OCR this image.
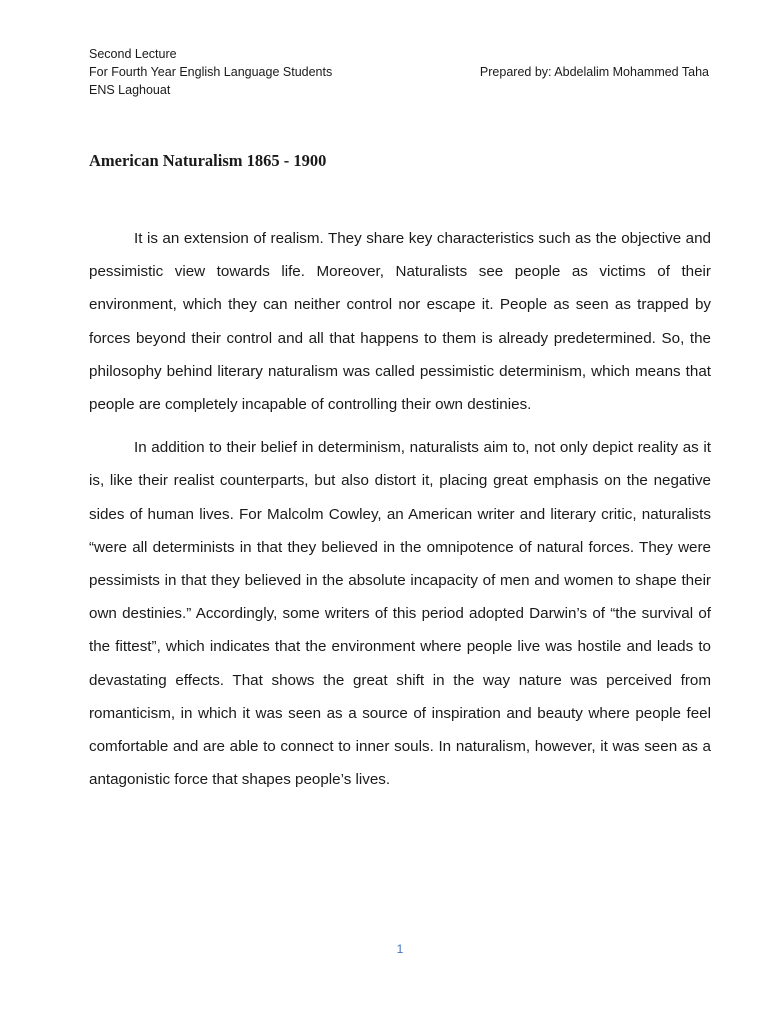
Second Lecture
For Fourth Year English Language Students
ENS Laghouat
Prepared by: Abdelalim Mohammed Taha
American Naturalism 1865 - 1900

It is an extension of realism. They share key characteristics such as the objective and pessimistic view towards life. Moreover, Naturalists see people as victims of their environment, which they can neither control nor escape it. People as seen as trapped by forces beyond their control and all that happens to them is already predetermined. So, the philosophy behind literary naturalism was called pessimistic determinism, which means that people are completely incapable of controlling their own destinies.

In addition to their belief in determinism, naturalists aim to, not only depict reality as it is, like their realist counterparts, but also distort it, placing great emphasis on the negative sides of human lives. For Malcolm Cowley, an American writer and literary critic, naturalists “were all determinists in that they believed in the omnipotence of natural forces. They were pessimists in that they believed in the absolute incapacity of men and women to shape their own destinies.” Accordingly, some writers of this period adopted Darwin’s of “the survival of the fittest”, which indicates that the environment where people live was hostile and leads to devastating effects. That shows the great shift in the way nature was perceived from romanticism, in which it was seen as a source of inspiration and beauty where people feel comfortable and are able to connect to inner souls. In naturalism, however, it was seen as a antagonistic force that shapes people’s lives.

1
